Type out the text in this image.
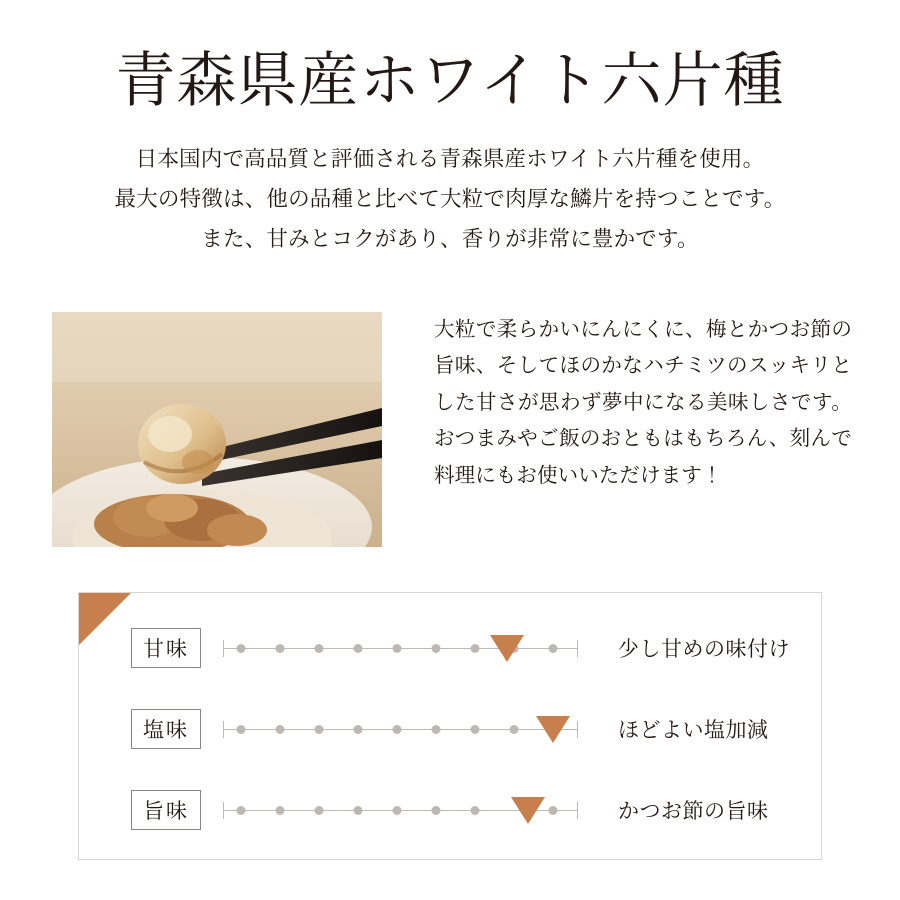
青森県産ホワイト六片種
日本国内で高品質と評価される青森県産ホワイト六片種を使用。
最大の特徴は、他の品種と比べて大粒で肉厚な鱗片を持つことです。
また、甘みとコクがあり、香りが非常に豊かです。
大粒で柔らかいにんにくに、梅とかつお節の旨味、そしてほのかなハチミツのスッキリとした甘さが思わず夢中になる美味しさです。おつまみやご飯のおともはもちろん、刻んで料理にもお使いいただけます！
甘味	少し甘めの味付け
塩味	ほどよい塩加減
旨味	かつお節の旨味
